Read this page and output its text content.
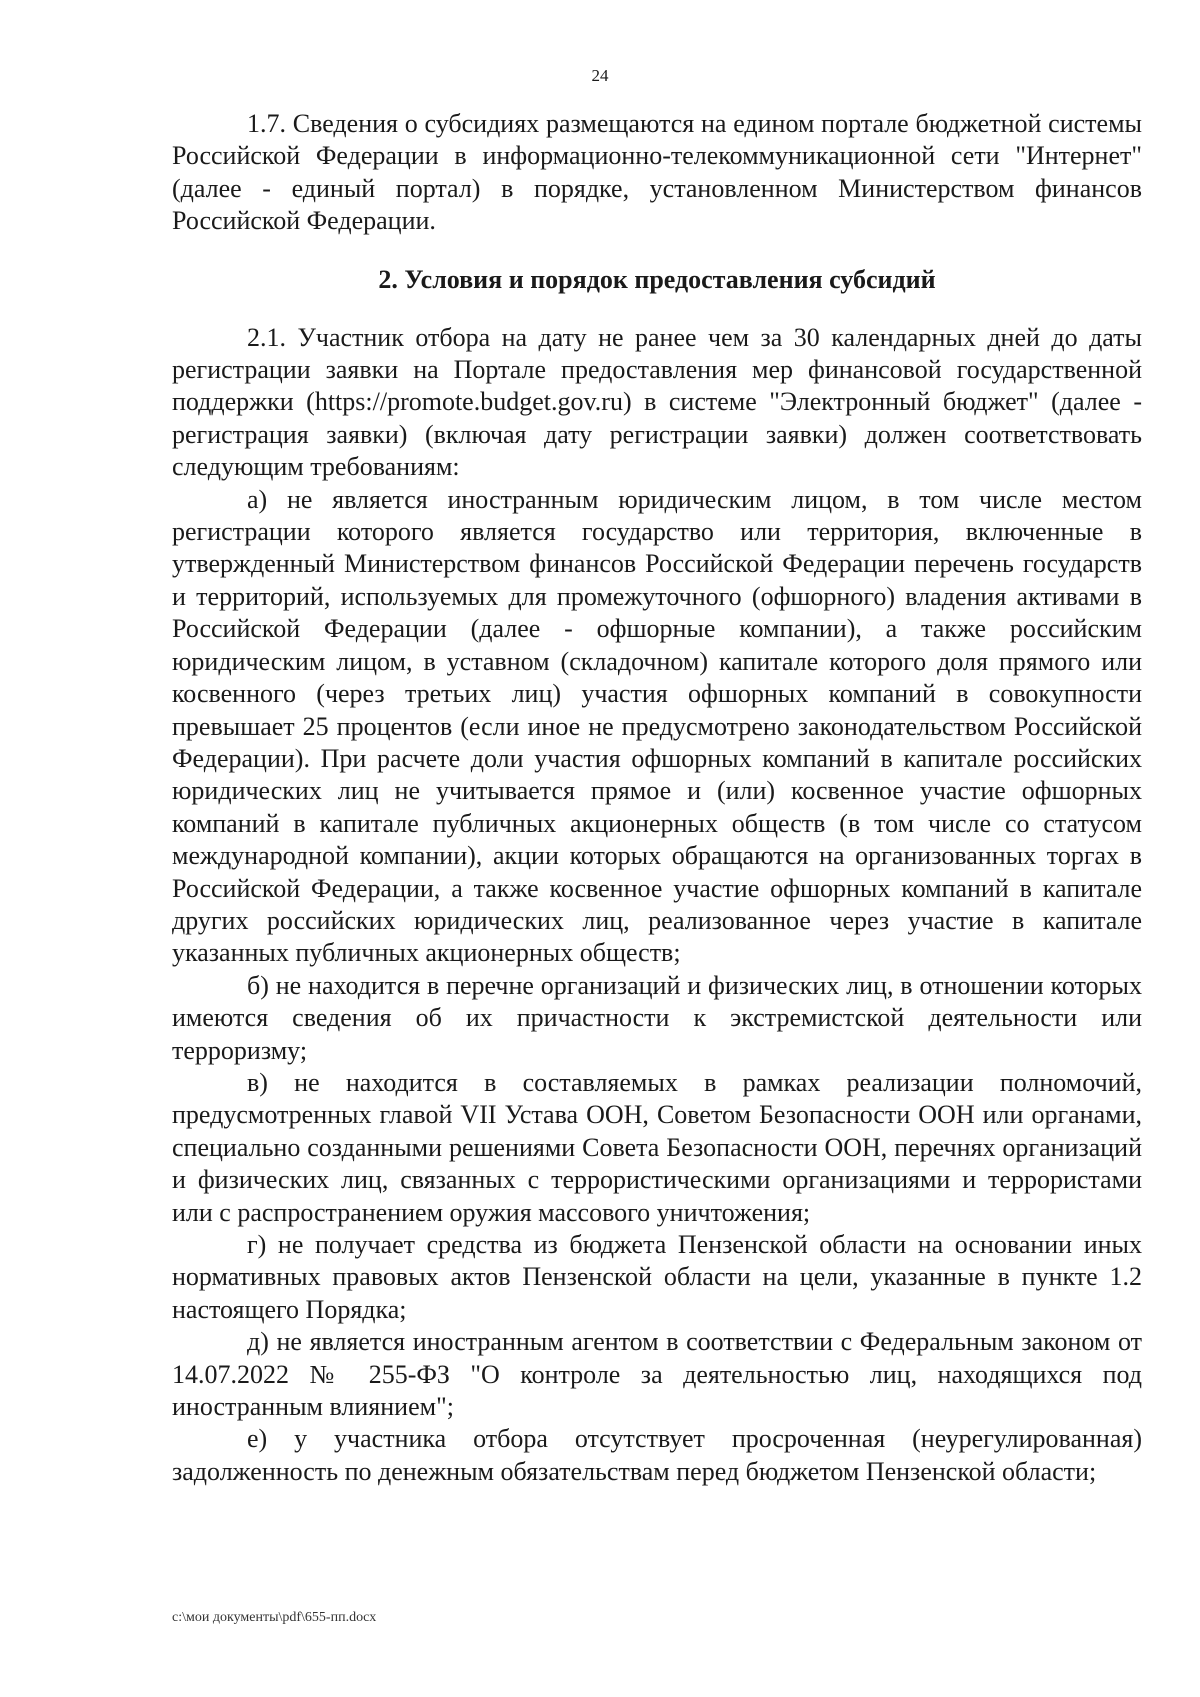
24

1.7. Сведения о субсидиях размещаются на едином портале бюджетной системы Российской Федерации в информационно-телекоммуникационной сети "Интернет" (далее - единый портал) в порядке, установленном Министерством финансов Российской Федерации.

2. Условия и порядок предоставления субсидий

2.1. Участник отбора на дату не ранее чем за 30 календарных дней до даты регистрации заявки на Портале предоставления мер финансовой государственной поддержки (https://promote.budget.gov.ru) в системе "Электронный бюджет" (далее - регистрация заявки) (включая дату регистрации заявки) должен соответствовать следующим требованиям:

а) не является иностранным юридическим лицом, в том числе местом регистрации которого является государство или территория, включенные в утвержденный Министерством финансов Российской Федерации перечень государств и территорий, используемых для промежуточного (офшорного) владения активами в Российской Федерации (далее - офшорные компании), а также российским юридическим лицом, в уставном (складочном) капитале которого доля прямого или косвенного (через третьих лиц) участия офшорных компаний в совокупности превышает 25 процентов (если иное не предусмотрено законодательством Российской Федерации). При расчете доли участия офшорных компаний в капитале российских юридических лиц не учитывается прямое и (или) косвенное участие офшорных компаний в капитале публичных акционерных обществ (в том числе со статусом международной компании), акции которых обращаются на организованных торгах в Российской Федерации, а также косвенное участие офшорных компаний в капитале других российских юридических лиц, реализованное через участие в капитале указанных публичных акционерных обществ;

б) не находится в перечне организаций и физических лиц, в отношении которых имеются сведения об их причастности к экстремистской деятельности или терроризму;

в) не находится в составляемых в рамках реализации полномочий, предусмотренных главой VII Устава ООН, Советом Безопасности ООН или органами, специально созданными решениями Совета Безопасности ООН, перечнях организаций и физических лиц, связанных с террористическими организациями и террористами или с распространением оружия массового уничтожения;

г) не получает средства из бюджета Пензенской области на основании иных нормативных правовых актов Пензенской области на цели, указанные в пункте 1.2 настоящего Порядка;

д) не является иностранным агентом в соответствии с Федеральным законом от 14.07.2022 № 255-ФЗ "О контроле за деятельностью лиц, находящихся под иностранным влиянием";

е) у участника отбора отсутствует просроченная (неурегулированная) задолженность по денежным обязательствам перед бюджетом Пензенской области;

c:\мои документы\pdf\655-пп.docx
